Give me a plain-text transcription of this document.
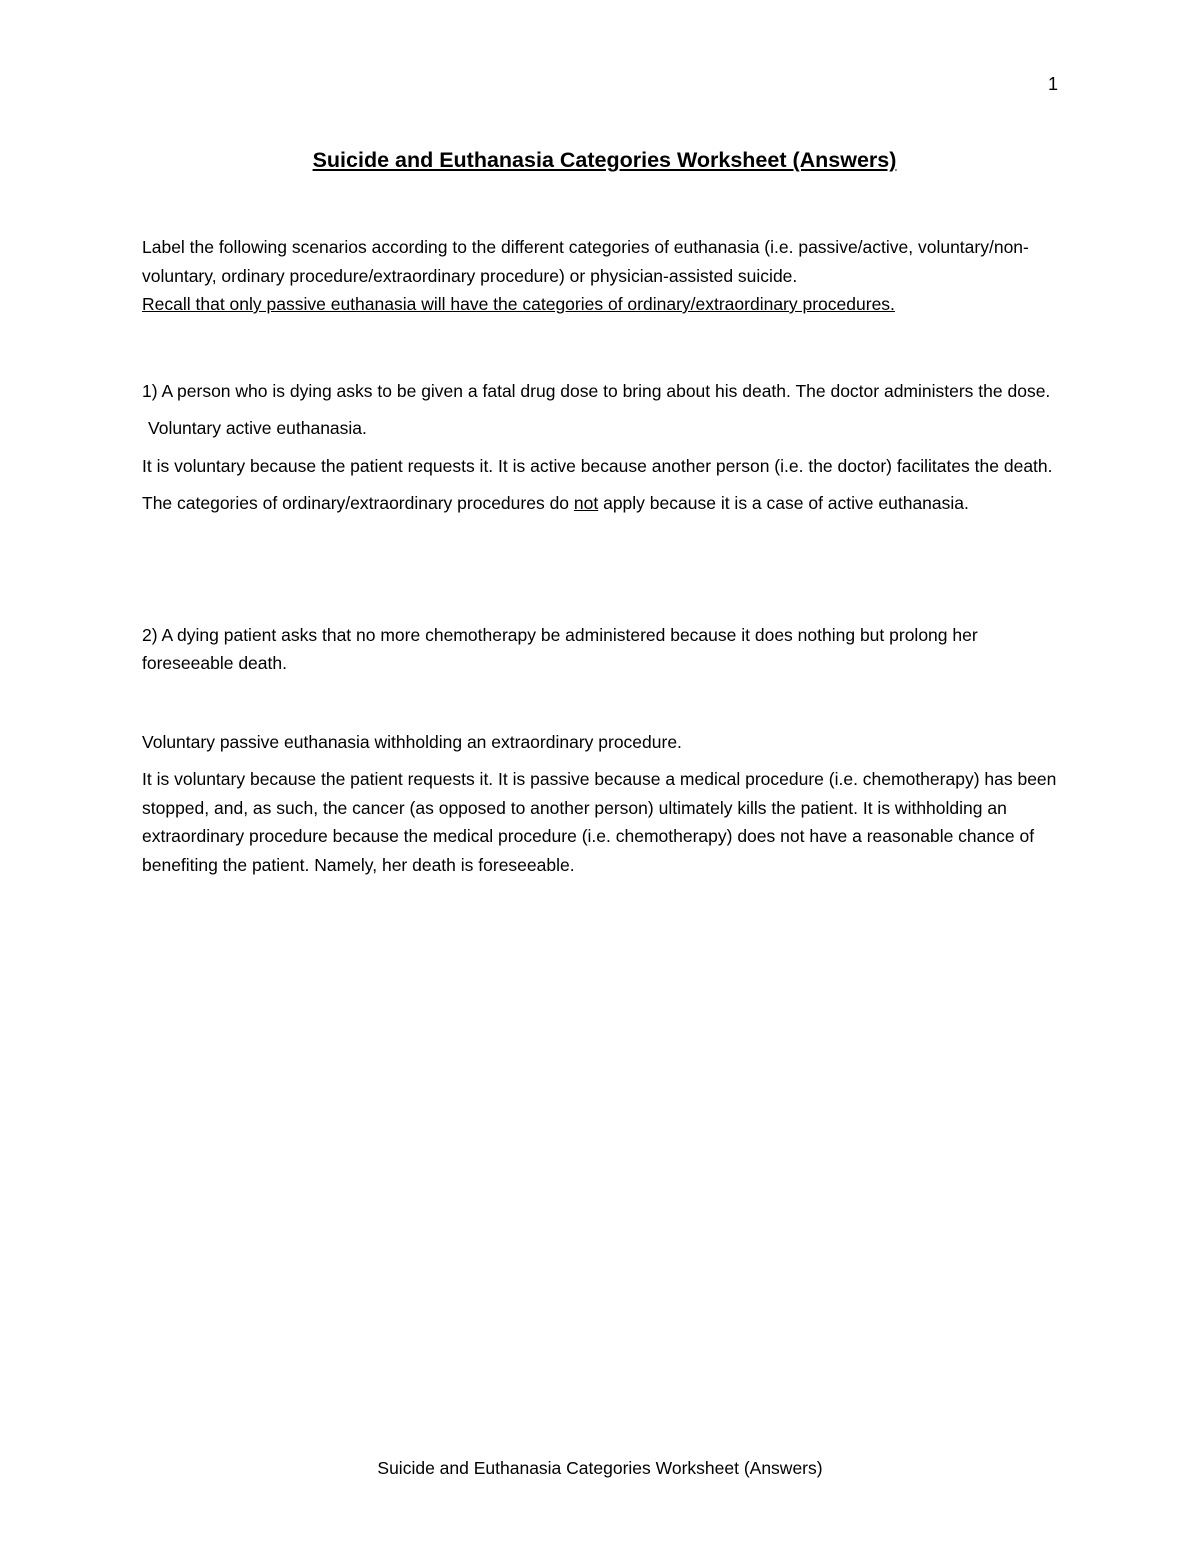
1
Suicide and Euthanasia Categories Worksheet (Answers)

Label the following scenarios according to the different categories of euthanasia (i.e. passive/active, voluntary/non-voluntary, ordinary procedure/extraordinary procedure) or physician-assisted suicide.

Recall that only passive euthanasia will have the categories of ordinary/extraordinary procedures.

1) A person who is dying asks to be given a fatal drug dose to bring about his death. The doctor administers the dose.

Voluntary active euthanasia.

It is voluntary because the patient requests it. It is active because another person (i.e. the doctor) facilitates the death.

The categories of ordinary/extraordinary procedures do not apply because it is a case of active euthanasia.

2) A dying patient asks that no more chemotherapy be administered because it does nothing but prolong her foreseeable death.

Voluntary passive euthanasia withholding an extraordinary procedure.

It is voluntary because the patient requests it. It is passive because a medical procedure (i.e. chemotherapy) has been stopped, and, as such, the cancer (as opposed to another person) ultimately kills the patient. It is withholding an extraordinary procedure because the medical procedure (i.e. chemotherapy) does not have a reasonable chance of benefiting the patient. Namely, her death is foreseeable.

Suicide and Euthanasia Categories Worksheet (Answers)
